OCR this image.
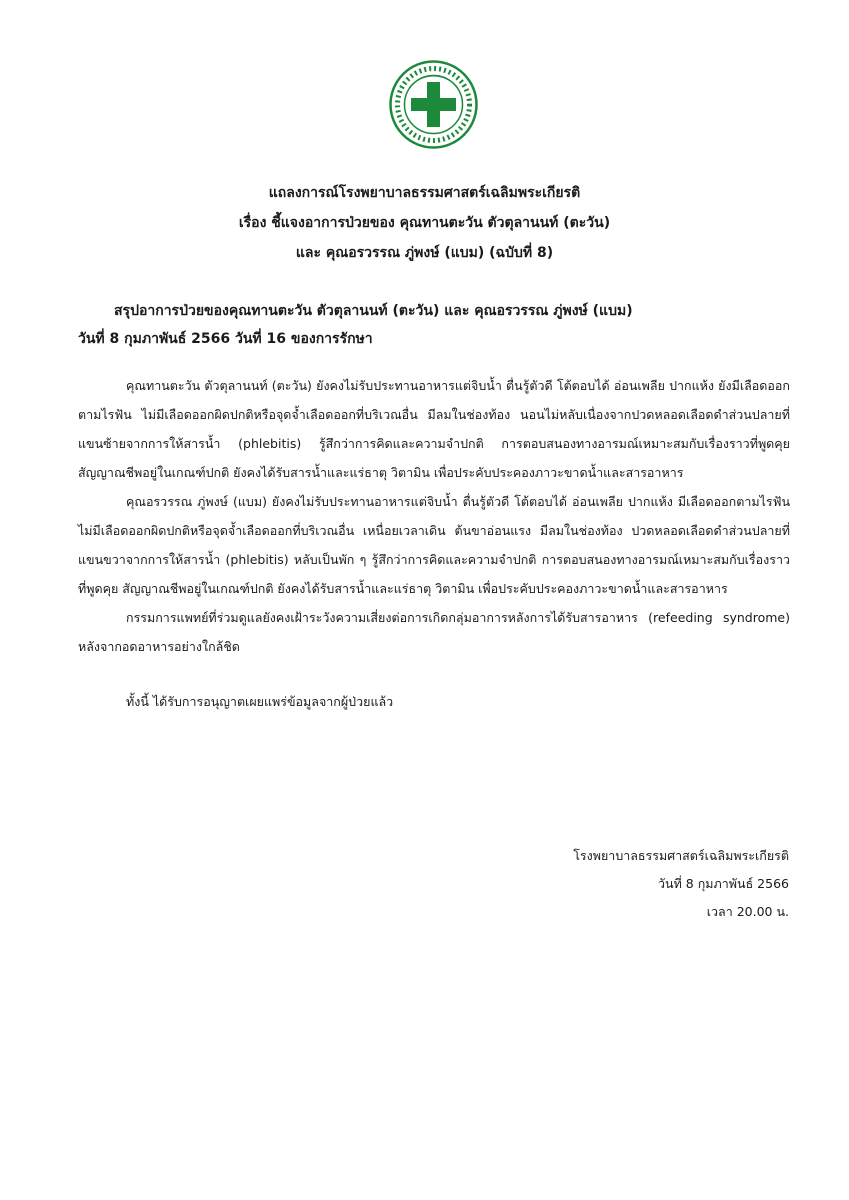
แถลงการณ์โรงพยาบาลธรรมศาสตร์เฉลิมพระเกียรติ
เรื่อง ชี้แจงอาการป่วยของ คุณทานตะวัน ตัวตุลานนท์ (ตะวัน)
และ คุณอรวรรณ ภู่พงษ์ (แบม) (ฉบับที่ 8)
สรุปอาการป่วยของคุณทานตะวัน ตัวตุลานนท์ (ตะวัน) และ คุณอรวรรณ ภู่พงษ์ (แบม)
วันที่ 8 กุมภาพันธ์ 2566 วันที่ 16 ของการรักษา

คุณทานตะวัน ตัวตุลานนท์ (ตะวัน) ยังคงไม่รับประทานอาหารแต่จิบน้ำ ตื่นรู้ตัวดี โต้ตอบได้ อ่อนเพลีย ปากแห้ง ยังมีเลือดออกตามไรฟัน ไม่มีเลือดออกผิดปกติหรือจุดจ้ำเลือดออกที่บริเวณอื่น มีลมในช่องท้อง นอนไม่หลับเนื่องจากปวดหลอดเลือดดำส่วนปลายที่แขนซ้ายจากการให้สารน้ำ (phlebitis) รู้สึกว่าการคิดและความจำปกติ การตอบสนองทางอารมณ์เหมาะสมกับเรื่องราวที่พูดคุย สัญญาณชีพอยู่ในเกณฑ์ปกติ ยังคงได้รับสารน้ำและแร่ธาตุ วิตามิน เพื่อประคับประคองภาวะขาดน้ำและสารอาหาร

คุณอรวรรณ ภู่พงษ์ (แบม) ยังคงไม่รับประทานอาหารแต่จิบน้ำ ตื่นรู้ตัวดี โต้ตอบได้ อ่อนเพลีย ปากแห้ง มีเลือดออกตามไรฟัน ไม่มีเลือดออกผิดปกติหรือจุดจ้ำเลือดออกที่บริเวณอื่น เหนื่อยเวลาเดิน ต้นขาอ่อนแรง มีลมในช่องท้อง ปวดหลอดเลือดดำส่วนปลายที่แขนขวาจากการให้สารน้ำ (phlebitis) หลับเป็นพัก ๆ รู้สึกว่าการคิดและความจำปกติ การตอบสนองทางอารมณ์เหมาะสมกับเรื่องราวที่พูดคุย สัญญาณชีพอยู่ในเกณฑ์ปกติ ยังคงได้รับสารน้ำและแร่ธาตุ วิตามิน เพื่อประคับประคองภาวะขาดน้ำและสารอาหาร

กรรมการแพทย์ที่ร่วมดูแลยังคงเฝ้าระวังความเสี่ยงต่อการเกิดกลุ่มอาการหลังการได้รับสารอาหาร (refeeding syndrome) หลังจากอดอาหารอย่างใกล้ชิด

ทั้งนี้ ได้รับการอนุญาตเผยแพร่ข้อมูลจากผู้ป่วยแล้ว

โรงพยาบาลธรรมศาสตร์เฉลิมพระเกียรติ
วันที่ 8 กุมภาพันธ์ 2566
เวลา 20.00 น.
